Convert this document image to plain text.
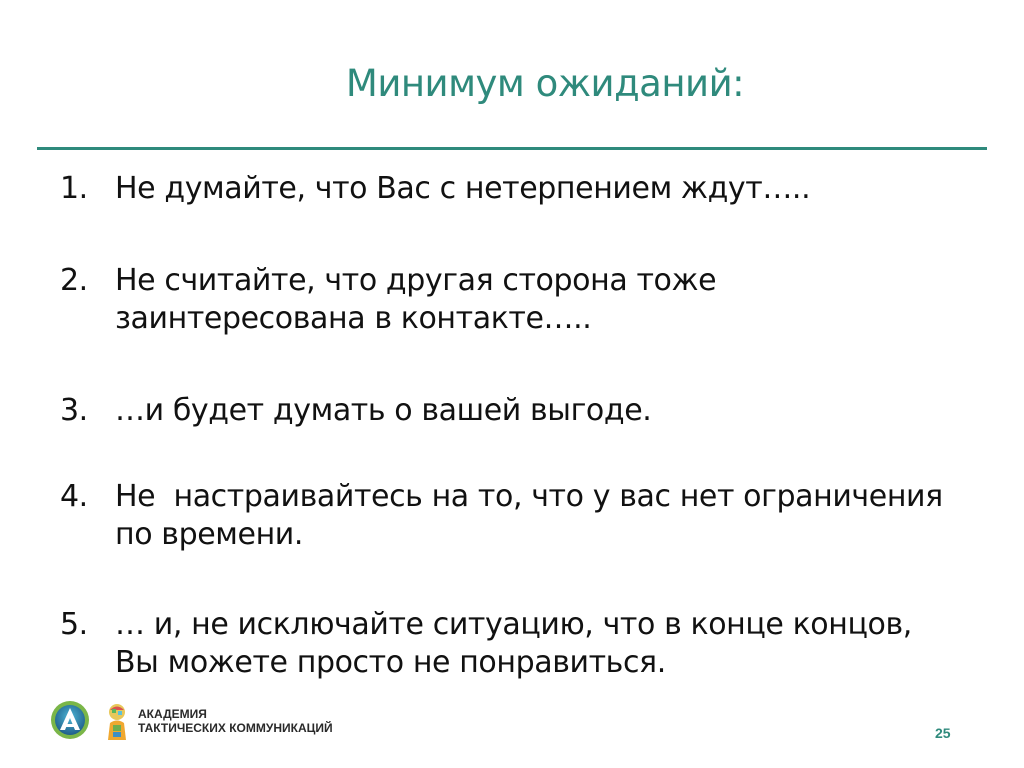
Минимум ожиданий:
1. Не думайте, что Вас с нетерпением ждут…..
2. Не считайте, что другая сторона тоже
заинтересована в контакте…..
3. …и будет думать о вашей выгоде.
4. Не  настраивайтесь на то, что у вас нет ограничения
по времени.
5. … и, не исключайте ситуацию, что в конце концов,
Вы можете просто не понравиться.
АКАДЕМИЯ
ТАКТИЧЕСКИХ КОММУНИКАЦИЙ	25
